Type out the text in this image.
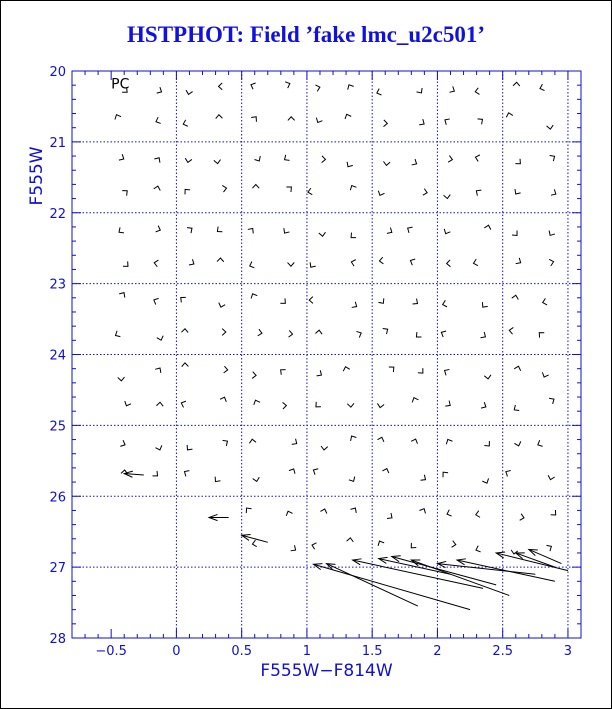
HSTPHOT: Field ’fake lmc_u2c501’
−0.5	0	0.5	1	1.5	2	2.5	3
20
21
22
23
24
25
26
27
28
PC
F555W−F814W
F555W
